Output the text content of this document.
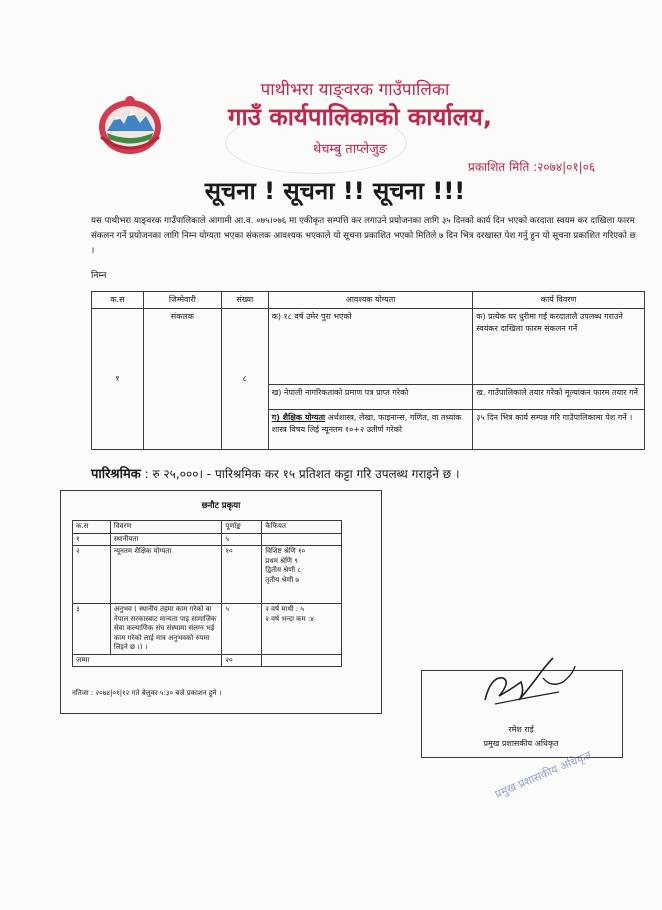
पाथीभरा याङ्वरक गाउँपालिका
गाउँ कार्यपालिकाको कार्यालय,
थेचम्बु ताप्लेजुङ
प्रकाशित मिति :२०७४|०१|०६
सूचना ! सूचना !! सूचना !!!
यस पाथीभरा याङ्वरक गाउँपालिकाले आगामी आ.व. ०७५।०७६ मा एकीकृत सम्पत्ति कर लगाउने प्रयोजनका लागि ३५ दिनको कार्य दिन भएको करदाता स्वयम कर दाखिला फारम संकलन गर्ने प्रयोजनका लागि निम्न योग्यता भएका संकलक आवश्यक भएकाले यो सूचना प्रकाशित भएको मितिले ७ दिन भित्र दरखास्त पेश गर्नु हुन यो सूचना प्रकाशित गरिएको छ ।
निम्न
क.स	जिम्मेवारी	संख्या	आवश्यक योग्यता	कार्य विवरण
१	संकलक	८	क) १८ वर्ष उमेर पुरा भएको	क) प्रत्येक घर धुरीमा गई करदातालै उपलब्ध गराउने स्वयंकर दाखिला फारम संकलन गर्ने
			ख) नेपाली नागरिकताको प्रमाण पत्र प्राप्त गरेको	ख. गाउँपालिकाले तयार गरेको मूल्यांकन फारम तयार गर्ने
			ग) शैक्षिक योग्यता अर्थशास्त्र, लेखा, फाइनान्स, गणित, वा तथ्यांक शास्त्र विषय लिई न्यूनतम १०+२ उतीर्ण गरेको	३५ दिन भित्र कार्य सम्पन्न गरि गाउँपालिकामा पेश गर्ने ।
पारिश्रमिक : रु २५,०००। - पारिश्रमिक कर १५ प्रतिशत कट्टा गरि उपलब्ध गराइने छ ।
छनौट प्रकृया
क.स	विवरण	पूर्णाङ्क	कैफियत
१	स्थानीयता	५	
२	न्यूनतम शैक्षिक योग्यता	१०	विशिष्ट श्रेणि १०
प्रथम श्रेणि ९
द्वितीय श्रेणी ८
तृतीय श्रेणी ७
३	अनुभव ( स्थानीय तहमा काम गरेको वा नेपाल सरकारबाट मान्यता पाइ सामाजिक सेवा कल्याणिक संघ संस्थामा संलग्न भई काम गरेको लाई मात्र अनुभवको रुपमा लिइने छ ।) ।	५	२ वर्ष माथी : ५
२ वर्ष भन्दा कम :४
जम्मा		२०	
नतिजा : २०७४|०१|१२ गते बेलुका ५:३० बजे प्रकाशन हुने ।
रमेश राई
प्रमुख प्रशासकीय अधिकृत
प्रमुख प्रशासकीय अधिकृत
